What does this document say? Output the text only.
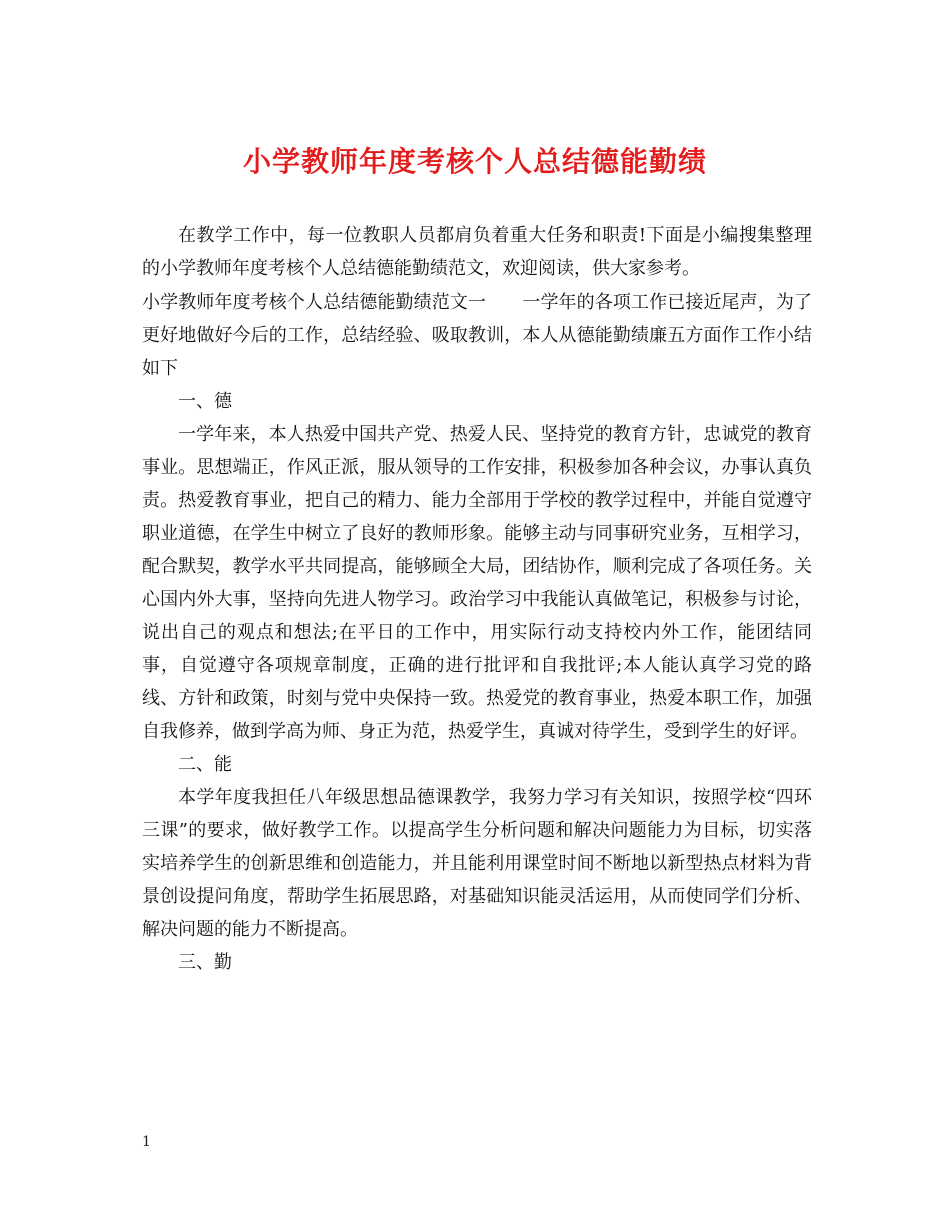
小学教师年度考核个人总结德能勤绩

在教学工作中，每一位教职人员都肩负着重大任务和职责!下面是小编搜集整理的小学教师年度考核个人总结德能勤绩范文，欢迎阅读，供大家参考。

小学教师年度考核个人总结德能勤绩范文一　　一学年的各项工作已接近尾声，为了更好地做好今后的工作，总结经验、吸取教训，本人从德能勤绩廉五方面作工作小结如下

一、德

一学年来，本人热爱中国共产党、热爱人民、坚持党的教育方针，忠诚党的教育事业。思想端正，作风正派，服从领导的工作安排，积极参加各种会议，办事认真负责。热爱教育事业，把自己的精力、能力全部用于学校的教学过程中，并能自觉遵守职业道德，在学生中树立了良好的教师形象。能够主动与同事研究业务，互相学习，配合默契，教学水平共同提高，能够顾全大局，团结协作，顺利完成了各项任务。关心国内外大事，坚持向先进人物学习。政治学习中我能认真做笔记，积极参与讨论，说出自己的观点和想法;在平日的工作中，用实际行动支持校内外工作，能团结同事，自觉遵守各项规章制度，正确的进行批评和自我批评;本人能认真学习党的路线、方针和政策，时刻与党中央保持一致。热爱党的教育事业，热爱本职工作，加强自我修养，做到学高为师、身正为范，热爱学生，真诚对待学生，受到学生的好评。

二、能

本学年度我担任八年级思想品德课教学，我努力学习有关知识，按照学校“四环三课”的要求，做好教学工作。以提高学生分析问题和解决问题能力为目标，切实落实培养学生的创新思维和创造能力，并且能利用课堂时间不断地以新型热点材料为背景创设提问角度，帮助学生拓展思路，对基础知识能灵活运用，从而使同学们分析、解决问题的能力不断提高。

三、勤

1
